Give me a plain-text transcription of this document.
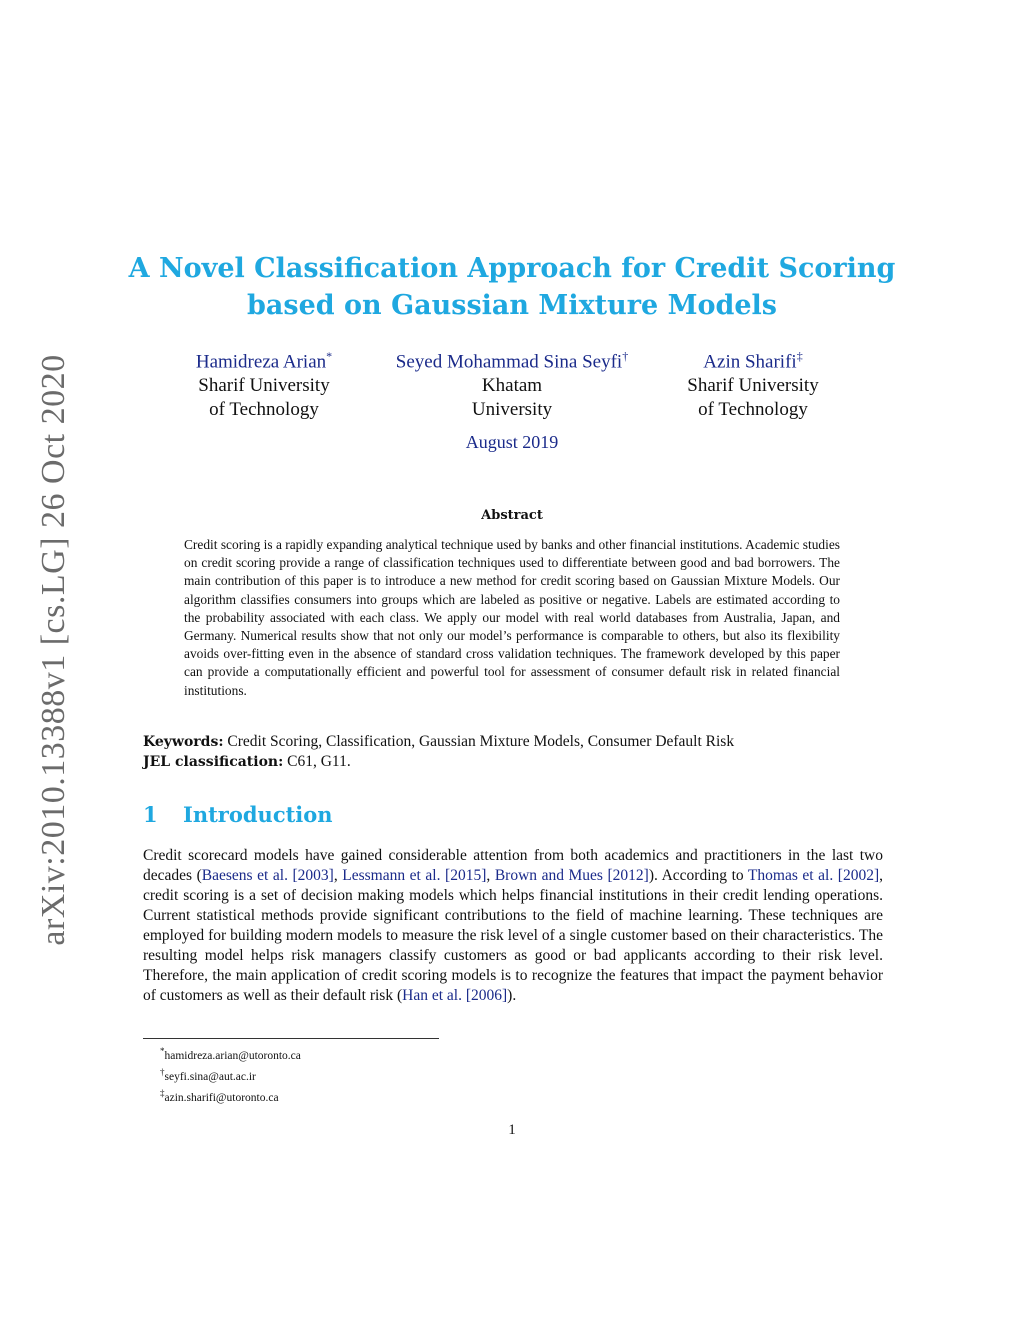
arXiv:2010.13388v1 [cs.LG] 26 Oct 2020
A Novel Classification Approach for Credit Scoring based on Gaussian Mixture Models
Hamidreza Arian*
Sharif University
of Technology
Seyed Mohammad Sina Seyfi†
Khatam
University
Azin Sharifi‡
Sharif University
of Technology
August 2019
Abstract

Credit scoring is a rapidly expanding analytical technique used by banks and other financial institutions. Academic studies on credit scoring provide a range of classification techniques used to differentiate between good and bad borrowers. The main contribution of this paper is to introduce a new method for credit scoring based on Gaussian Mixture Models. Our algorithm classifies consumers into groups which are labeled as positive or negative. Labels are estimated according to the probability associated with each class. We apply our model with real world databases from Australia, Japan, and Germany. Numerical results show that not only our model’s performance is comparable to others, but also its flexibility avoids over-fitting even in the absence of standard cross validation techniques. The framework developed by this paper can provide a computationally efficient and powerful tool for assessment of consumer default risk in related financial institutions.

Keywords: Credit Scoring, Classification, Gaussian Mixture Models, Consumer Default Risk
JEL classification: C61, G11.

1 Introduction

Credit scorecard models have gained considerable attention from both academics and practitioners in the last two decades (Baesens et al. [2003], Lessmann et al. [2015], Brown and Mues [2012]). According to Thomas et al. [2002], credit scoring is a set of decision making models which helps financial institutions in their credit lending operations. Current statistical methods provide significant contributions to the field of machine learning. These techniques are employed for building modern models to measure the risk level of a single customer based on their characteristics. The resulting model helps risk managers classify customers as good or bad applicants according to their risk level. Therefore, the main application of credit scoring models is to recognize the features that impact the payment behavior of customers as well as their default risk (Han et al. [2006]).

*hamidreza.arian@utoronto.ca
†seyfi.sina@aut.ac.ir
‡azin.sharifi@utoronto.ca
1
